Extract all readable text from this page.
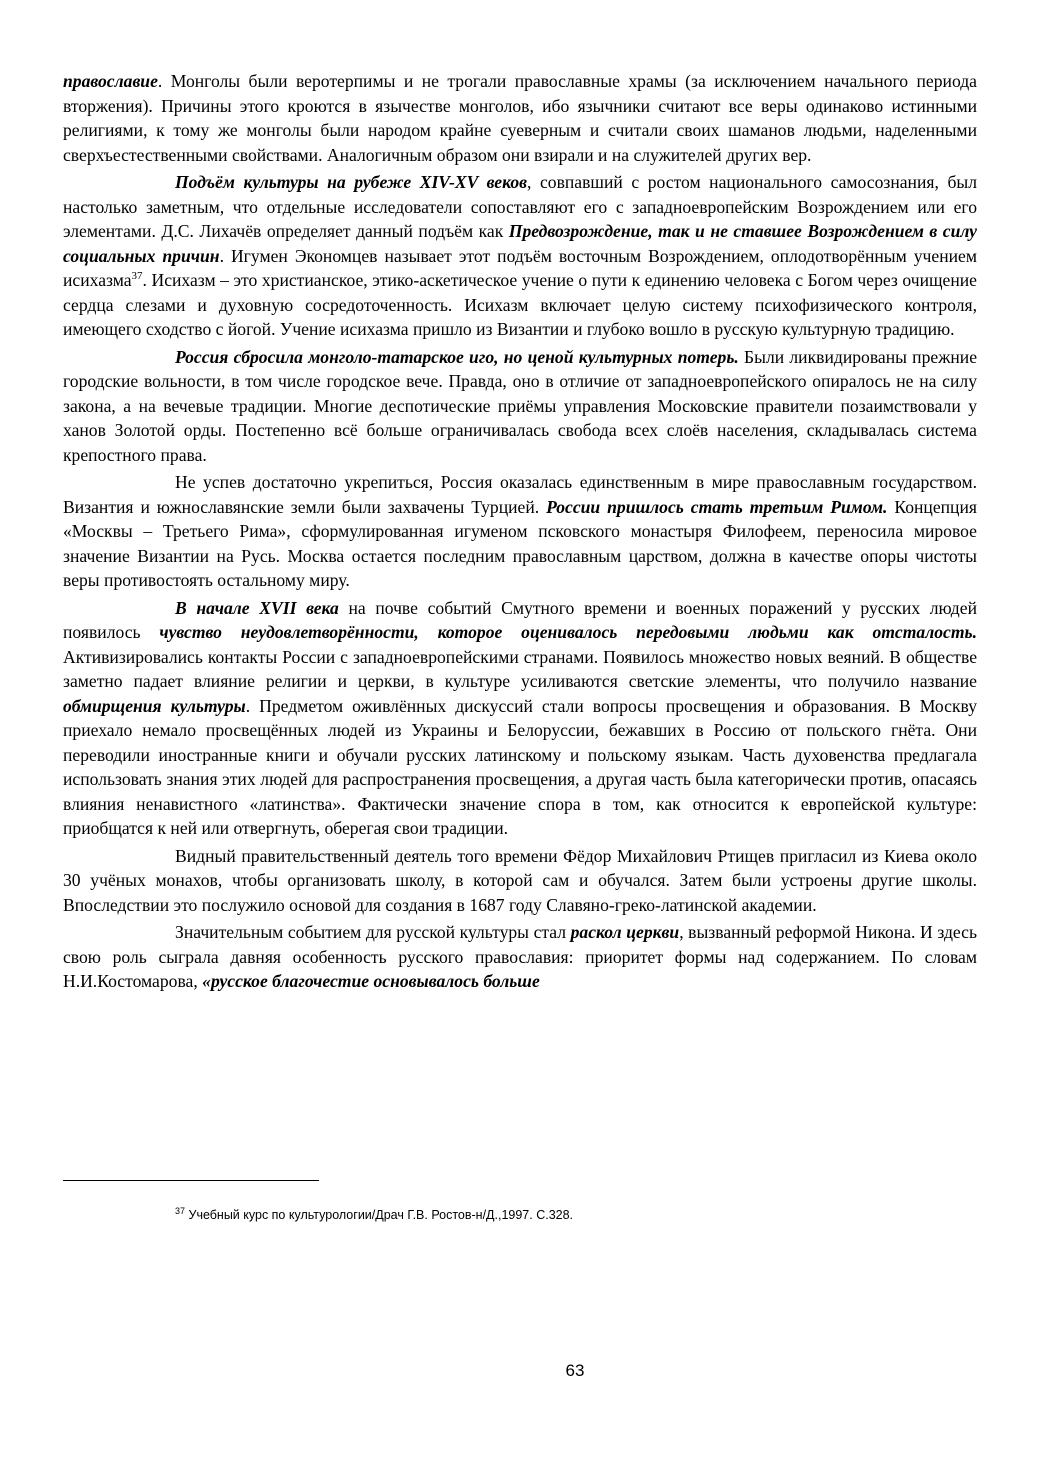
православие. Монголы были веротерпимы и не трогали православные храмы (за исключением начального периода вторжения). Причины этого кроются в язычестве монголов, ибо язычники считают все веры одинаково истинными религиями, к тому же монголы были народом крайне суеверным и считали своих шаманов людьми, наделенными сверхъестественными свойствами. Аналогичным образом они взирали и на служителей других вер.

Подъём культуры на рубеже XIV-XV веков, совпавший с ростом национального самосознания, был настолько заметным, что отдельные исследователи сопоставляют его с западноевропейским Возрождением или его элементами. Д.С. Лихачёв определяет данный подъём как Предвозрождение, так и не ставшее Возрождением в силу социальных причин. Игумен Экономцев называет этот подъём восточным Возрождением, оплодотворённым учением исихазма$^{37}$. Исихазм – это христианское, этико-аскетическое учение о пути к единению человека с Богом через очищение сердца слезами и духовную сосредоточенность. Исихазм включает целую систему психофизического контроля, имеющего сходство с йогой. Учение исихазма пришло из Византии и глубоко вошло в русскую культурную традицию.

Россия сбросила монголо-татарское иго, но ценой культурных потерь. Были ликвидированы прежние городские вольности, в том числе городское вече. Правда, оно в отличие от западноевропейского опиралось не на силу закона, а на вечевые традиции. Многие деспотические приёмы управления Московские правители позаимствовали у ханов Золотой орды. Постепенно всё больше ограничивалась свобода всех слоёв населения, складывалась система крепостного права.

Не успев достаточно укрепиться, Россия оказалась единственным в мире православным государством. Византия и южнославянские земли были захвачены Турцией. России пришлось стать третьим Римом. Концепция «Москвы – Третьего Рима», сформулированная игуменом псковского монастыря Филофеем, переносила мировое значение Византии на Русь. Москва остается последним православным царством, должна в качестве опоры чистоты веры противостоять остальному миру.

В начале XVII века на почве событий Смутного времени и военных поражений у русских людей появилось чувство неудовлетворённости, которое оценивалось передовыми людьми как отсталость. Активизировались контакты России с западноевропейскими странами. Появилось множество новых веяний. В обществе заметно падает влияние религии и церкви, в культуре усиливаются светские элементы, что получило название обмирщения культуры. Предметом оживлённых дискуссий стали вопросы просвещения и образования. В Москву приехало немало просвещённых людей из Украины и Белоруссии, бежавших в Россию от польского гнёта. Они переводили иностранные книги и обучали русских латинскому и польскому языкам. Часть духовенства предлагала использовать знания этих людей для распространения просвещения, а другая часть была категорически против, опасаясь влияния ненавистного «латинства». Фактически значение спора в том, как относится к европейской культуре: приобщатся к ней или отвергнуть, оберегая свои традиции.

Видный правительственный деятель того времени Фёдор Михайлович Ртищев пригласил из Киева около 30 учёных монахов, чтобы организовать школу, в которой сам и обучался. Затем были устроены другие школы. Впоследствии это послужило основой для создания в 1687 году Славяно-греко-латинской академии.

Значительным событием для русской культуры стал раскол церкви, вызванный реформой Никона. И здесь свою роль сыграла давняя особенность русского православия: приоритет формы над содержанием. По словам Н.И.Костомарова, «русское благочестие основывалось больше

$^{37}$ Учебный курс по культурологии/Драч Г.В. Ростов-н/Д.,1997. С.328.
63
